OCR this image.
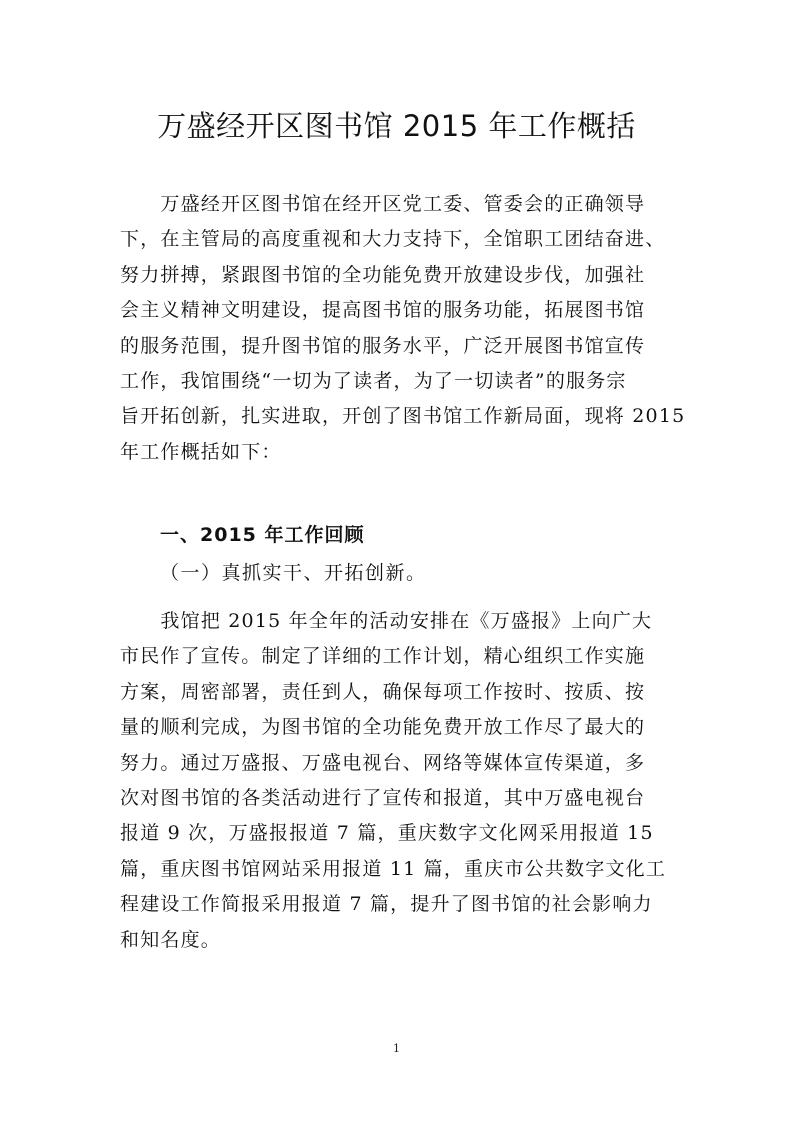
万盛经开区图书馆 2015 年工作概括
　　万盛经开区图书馆在经开区党工委、管委会的正确领导
下，在主管局的高度重视和大力支持下，全馆职工团结奋进、
努力拼搏，紧跟图书馆的全功能免费开放建设步伐，加强社
会主义精神文明建设，提高图书馆的服务功能，拓展图书馆
的服务范围，提升图书馆的服务水平，广泛开展图书馆宣传
工作，我馆围绕“一切为了读者，为了一切读者”的服务宗
旨开拓创新，扎实进取，开创了图书馆工作新局面，现将 2015
年工作概括如下：
一、2015 年工作回顾
（一）真抓实干、开拓创新。
　　我馆把 2015 年全年的活动安排在《万盛报》上向广大
市民作了宣传。制定了详细的工作计划，精心组织工作实施
方案，周密部署，责任到人，确保每项工作按时、按质、按
量的顺利完成，为图书馆的全功能免费开放工作尽了最大的
努力。通过万盛报、万盛电视台、网络等媒体宣传渠道，多
次对图书馆的各类活动进行了宣传和报道，其中万盛电视台
报道 9 次，万盛报报道 7 篇，重庆数字文化网采用报道 15
篇，重庆图书馆网站采用报道 11 篇，重庆市公共数字文化工
程建设工作简报采用报道 7 篇，提升了图书馆的社会影响力
和知名度。
1
